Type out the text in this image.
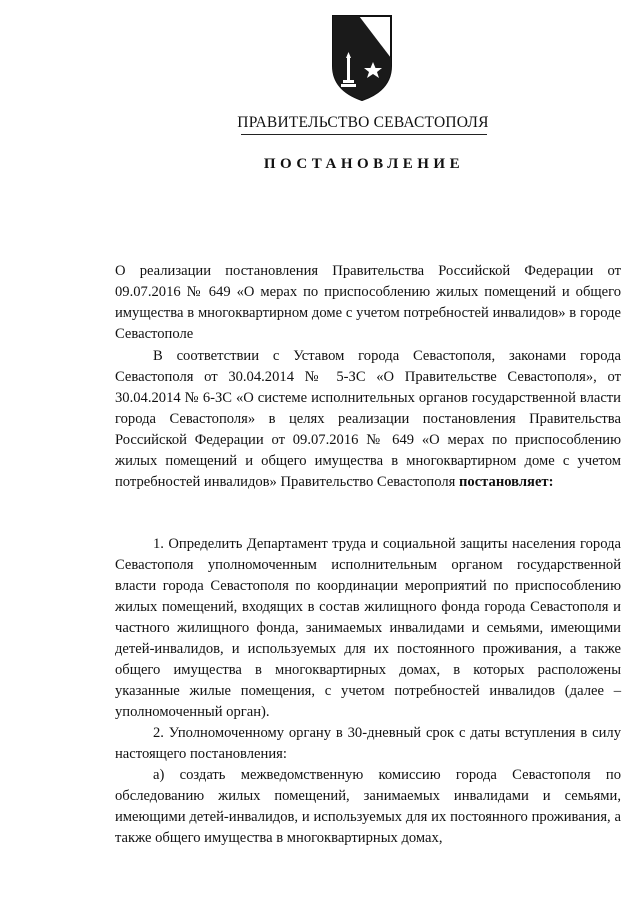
ПРАВИТЕЛЬСТВО СЕВАСТОПОЛЯ
ПОСТАНОВЛЕНИЕ

О реализации постановления Правительства Российской Федерации от 09.07.2016 № 649 «О мерах по приспособлению жилых помещений и общего имущества в многоквартирном доме с учетом потребностей инвалидов» в городе Севастополе

В соответствии с Уставом города Севастополя, законами города Севастополя от 30.04.2014 № 5-ЗС «О Правительстве Севастополя», от 30.04.2014 № 6-ЗС «О системе исполнительных органов государственной власти города Севастополя» в целях реализации постановления Правительства Российской Федерации от 09.07.2016 № 649 «О мерах по приспособлению жилых помещений и общего имущества в многоквартирном доме с учетом потребностей инвалидов» Правительство Севастополя постановляет:

1. Определить Департамент труда и социальной защиты населения города Севастополя уполномоченным исполнительным органом государственной власти города Севастополя по координации мероприятий по приспособлению жилых помещений, входящих в состав жилищного фонда города Севастополя и частного жилищного фонда, занимаемых инвалидами и семьями, имеющими детей-инвалидов, и используемых для их постоянного проживания, а также общего имущества в многоквартирных домах, в которых расположены указанные жилые помещения, с учетом потребностей инвалидов (далее – уполномоченный орган).

2. Уполномоченному органу в 30-дневный срок с даты вступления в силу настоящего постановления:

а) создать межведомственную комиссию города Севастополя по обследованию жилых помещений, занимаемых инвалидами и семьями, имеющими детей-инвалидов, и используемых для их постоянного проживания, а также общего имущества в многоквартирных домах,
